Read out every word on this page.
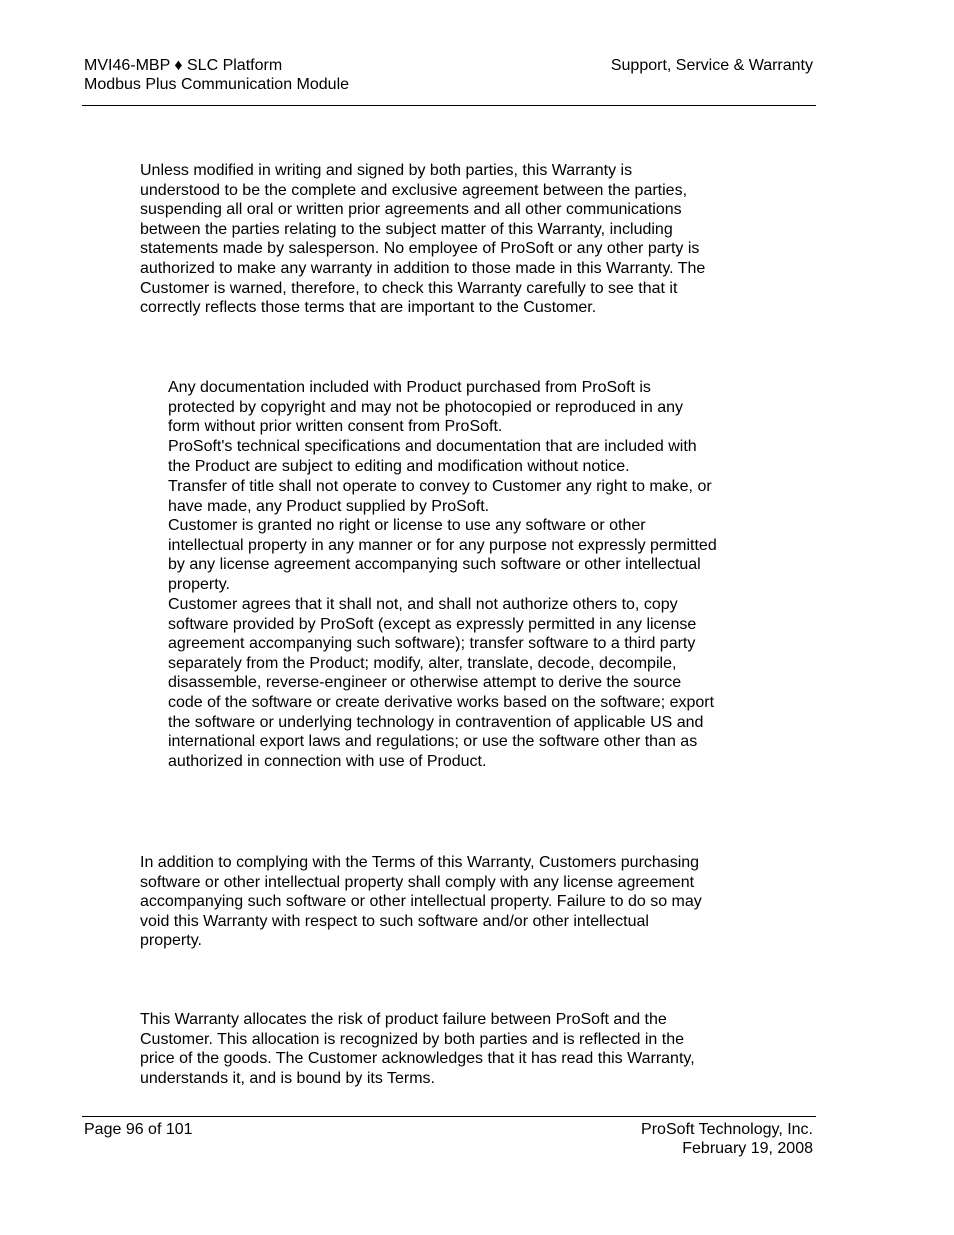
MVI46-MBP ♦ SLC Platform
Modbus Plus Communication Module
Support, Service & Warranty
Unless modified in writing and signed by both parties, this Warranty is
understood to be the complete and exclusive agreement between the parties,
suspending all oral or written prior agreements and all other communications
between the parties relating to the subject matter of this Warranty, including
statements made by salesperson. No employee of ProSoft or any other party is
authorized to make any warranty in addition to those made in this Warranty. The
Customer is warned, therefore, to check this Warranty carefully to see that it
correctly reflects those terms that are important to the Customer.
Any documentation included with Product purchased from ProSoft is
protected by copyright and may not be photocopied or reproduced in any
form without prior written consent from ProSoft.
ProSoft's technical specifications and documentation that are included with
the Product are subject to editing and modification without notice.
Transfer of title shall not operate to convey to Customer any right to make, or
have made, any Product supplied by ProSoft.
Customer is granted no right or license to use any software or other
intellectual property in any manner or for any purpose not expressly permitted
by any license agreement accompanying such software or other intellectual
property.
Customer agrees that it shall not, and shall not authorize others to, copy
software provided by ProSoft (except as expressly permitted in any license
agreement accompanying such software); transfer software to a third party
separately from the Product; modify, alter, translate, decode, decompile,
disassemble, reverse-engineer or otherwise attempt to derive the source
code of the software or create derivative works based on the software; export
the software or underlying technology in contravention of applicable US and
international export laws and regulations; or use the software other than as
authorized in connection with use of Product.
In addition to complying with the Terms of this Warranty, Customers purchasing
software or other intellectual property shall comply with any license agreement
accompanying such software or other intellectual property. Failure to do so may
void this Warranty with respect to such software and/or other intellectual
property.
This Warranty allocates the risk of product failure between ProSoft and the
Customer. This allocation is recognized by both parties and is reflected in the
price of the goods. The Customer acknowledges that it has read this Warranty,
understands it, and is bound by its Terms.
Page 96 of 101	ProSoft Technology, Inc.
February 19, 2008
